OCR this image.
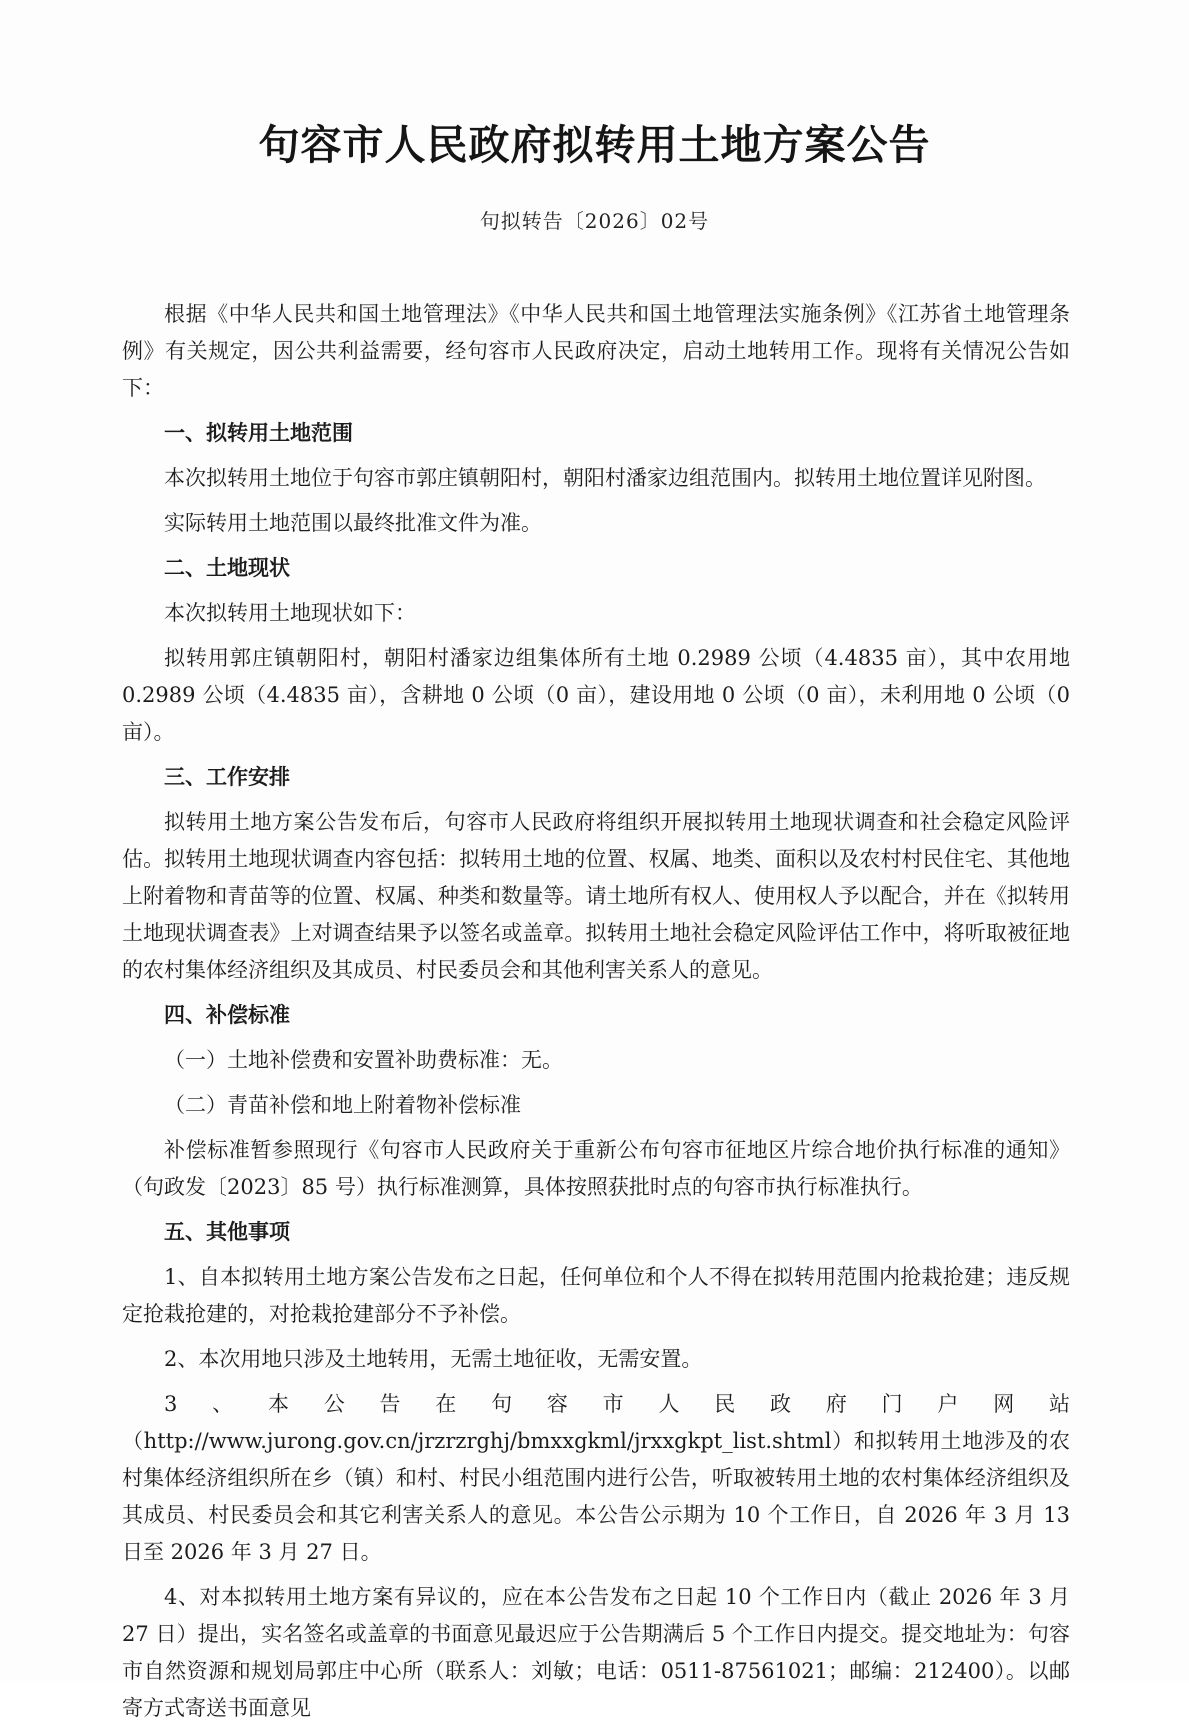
句容市人民政府拟转用土地方案公告
句拟转告〔2026〕02号

根据《中华人民共和国土地管理法》《中华人民共和国土地管理法实施条例》《江苏省土地管理条例》有关规定，因公共利益需要，经句容市人民政府决定，启动土地转用工作。现将有关情况公告如下：

一、拟转用土地范围

本次拟转用土地位于句容市郭庄镇朝阳村，朝阳村潘家边组范围内。拟转用土地位置详见附图。

实际转用土地范围以最终批准文件为准。

二、土地现状

本次拟转用土地现状如下：

拟转用郭庄镇朝阳村，朝阳村潘家边组集体所有土地 0.2989 公顷（4.4835 亩），其中农用地 0.2989 公顷（4.4835 亩），含耕地 0 公顷（0 亩），建设用地 0 公顷（0 亩），未利用地 0 公顷（0 亩）。

三、工作安排

拟转用土地方案公告发布后，句容市人民政府将组织开展拟转用土地现状调查和社会稳定风险评估。拟转用土地现状调查内容包括：拟转用土地的位置、权属、地类、面积以及农村村民住宅、其他地上附着物和青苗等的位置、权属、种类和数量等。请土地所有权人、使用权人予以配合，并在《拟转用土地现状调查表》上对调查结果予以签名或盖章。拟转用土地社会稳定风险评估工作中，将听取被征地的农村集体经济组织及其成员、村民委员会和其他利害关系人的意见。

四、补偿标准

（一）土地补偿费和安置补助费标准：无。

（二）青苗补偿和地上附着物补偿标准

补偿标准暂参照现行《句容市人民政府关于重新公布句容市征地区片综合地价执行标准的通知》（句政发〔2023〕85 号）执行标准测算，具体按照获批时点的句容市执行标准执行。

五、其他事项

1、自本拟转用土地方案公告发布之日起，任何单位和个人不得在拟转用范围内抢栽抢建；违反规定抢栽抢建的，对抢栽抢建部分不予补偿。

2、本次用地只涉及土地转用，无需土地征收，无需安置。

3、本公告在句容市人民政府门户网站（http://www.jurong.gov.cn/jrzrzrghj/bmxxgkml/jrxxgkpt_list.shtml）和拟转用土地涉及的农村集体经济组织所在乡（镇）和村、村民小组范围内进行公告，听取被转用土地的农村集体经济组织及其成员、村民委员会和其它利害关系人的意见。本公告公示期为 10 个工作日，自 2026 年 3 月 13 日至 2026 年 3 月 27 日。

4、对本拟转用土地方案有异议的，应在本公告发布之日起 10 个工作日内（截止 2026 年 3 月 27 日）提出，实名签名或盖章的书面意见最迟应于公告期满后 5 个工作日内提交。提交地址为：句容市自然资源和规划局郭庄中心所（联系人：刘敏；电话：0511-87561021；邮编：212400）。以邮寄方式寄送书面意见
